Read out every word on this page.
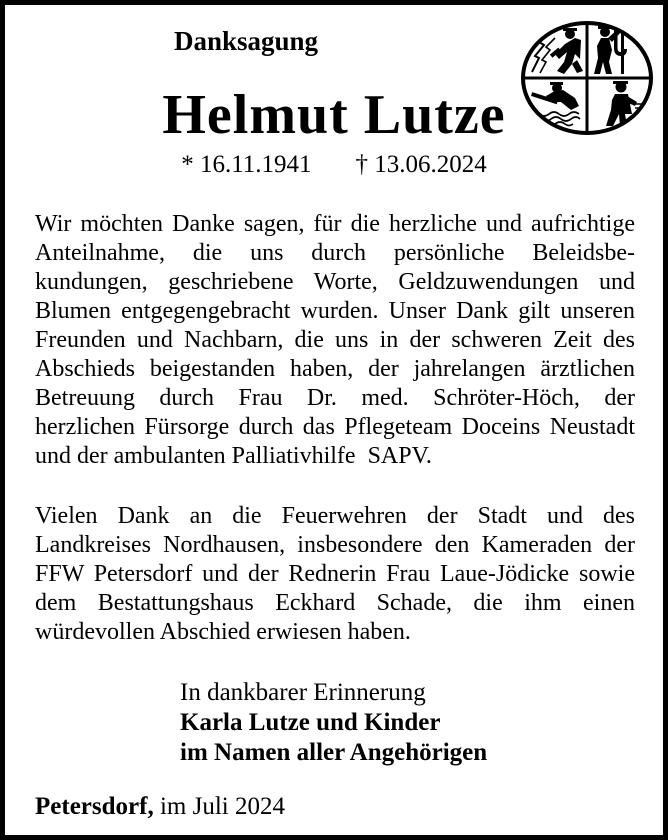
Danksagung
Helmut Lutze
* 16.11.1941 † 13.06.2024
Wir möchten Danke sagen, für die herzliche und aufrichtige
Anteilnahme, die uns durch persönliche Beleidsbe-
kundungen, geschriebene Worte, Geldzuwendungen und
Blumen entgegengebracht wurden. Unser Dank gilt unseren
Freunden und Nachbarn, die uns in der schweren Zeit des
Abschieds beigestanden haben, der jahrelangen ärztlichen
Betreuung durch Frau Dr. med. Schröter-Höch, der
herzlichen Fürsorge durch das Pflegeteam Doceins Neustadt
und der ambulanten Palliativhilfe  SAPV.
Vielen Dank an die Feuerwehren der Stadt und des
Landkreises Nordhausen, insbesondere den Kameraden der
FFW Petersdorf und der Rednerin Frau Laue-Jödicke sowie
dem Bestattungshaus Eckhard Schade, die ihm einen
würdevollen Abschied erwiesen haben.
In dankbarer Erinnerung
Karla Lutze und Kinder
im Namen aller Angehörigen
Petersdorf, im Juli 2024
